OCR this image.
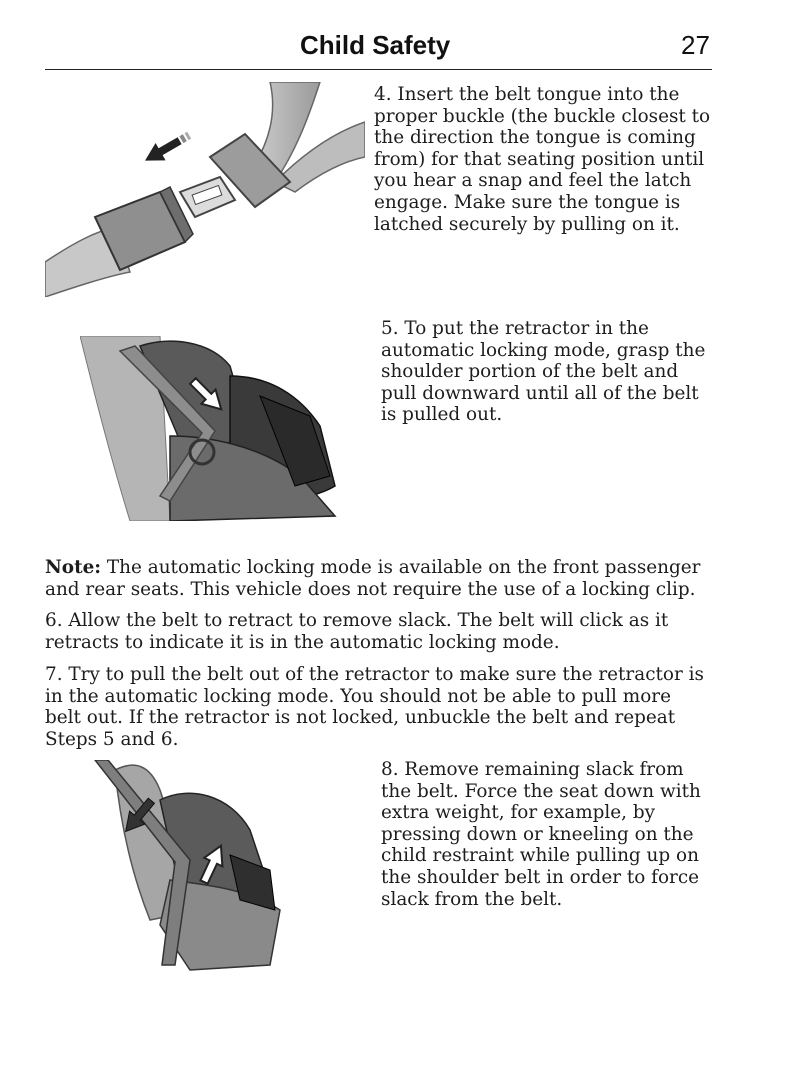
Child Safety	27

4. Insert the belt tongue into the proper buckle (the buckle closest to the direction the tongue is coming from) for that seating position until you hear a snap and feel the latch engage. Make sure the tongue is latched securely by pulling on it.

5. To put the retractor in the automatic locking mode, grasp the shoulder portion of the belt and pull downward until all of the belt is pulled out.

Note: The automatic locking mode is available on the front passenger and rear seats. This vehicle does not require the use of a locking clip.

6. Allow the belt to retract to remove slack. The belt will click as it retracts to indicate it is in the automatic locking mode.

7. Try to pull the belt out of the retractor to make sure the retractor is in the automatic locking mode. You should not be able to pull more belt out. If the retractor is not locked, unbuckle the belt and repeat Steps 5 and 6.

8. Remove remaining slack from the belt. Force the seat down with extra weight, for example, by pressing down or kneeling on the child restraint while pulling up on the shoulder belt in order to force slack from the belt.
